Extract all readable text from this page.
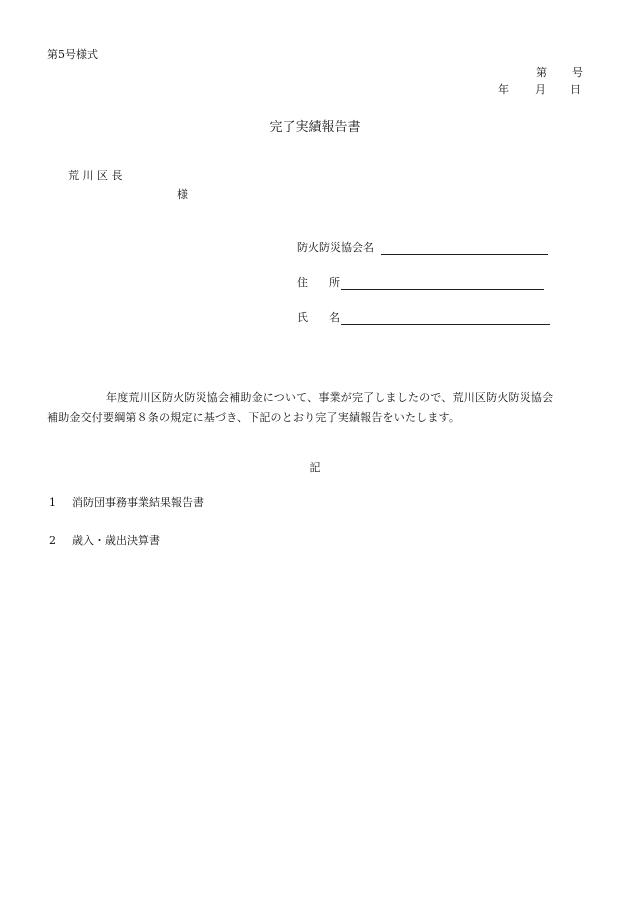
第5号様式
第 号
年 月 日
完了実績報告書
荒 川 区 長
様
防火防災協会名
住 所
氏 名
年度荒川区防火防災協会補助金について、事業が完了しましたので、荒川区防火防災協会
補助金交付要綱第８条の規定に基づき、下記のとおり完了実績報告をいたします。
記
1 消防団事務事業結果報告書
2 歳入・歳出決算書
